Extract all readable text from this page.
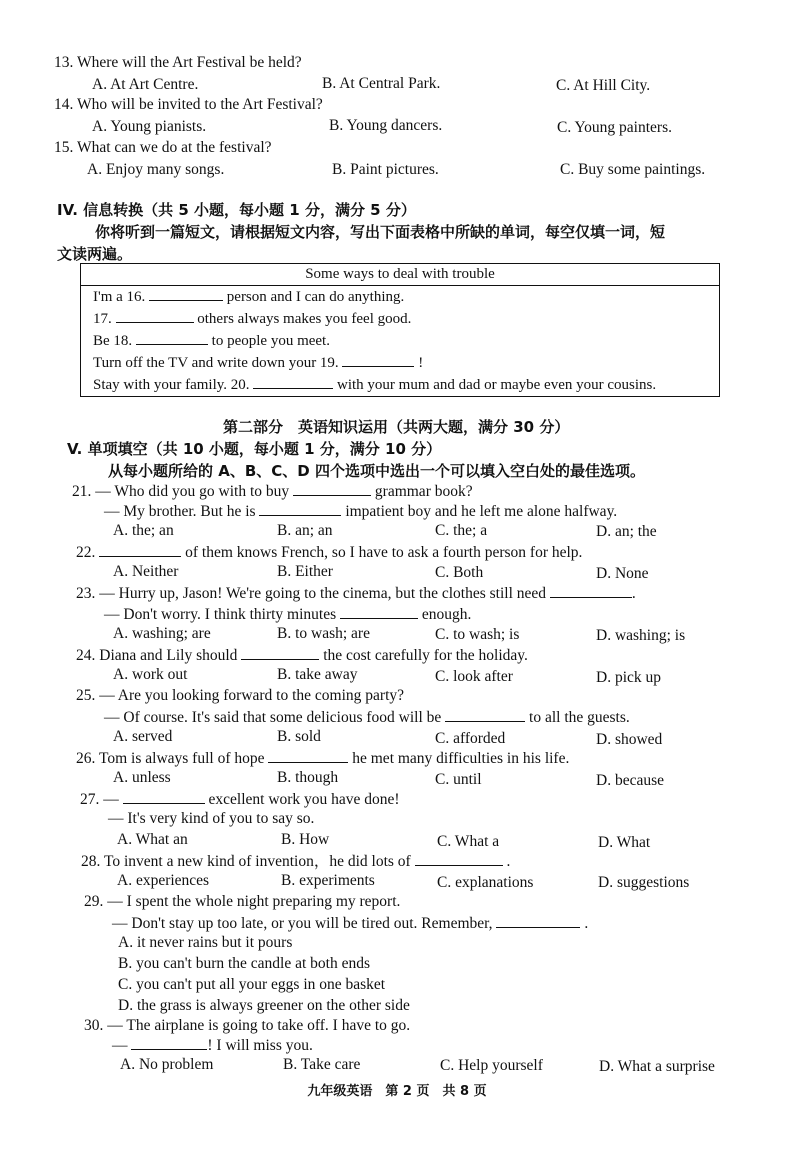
13. Where will the Art Festival be held?
A. At Art Centre.	B. At Central Park.	C. At Hill City.
14. Who will be invited to the Art Festival?
A. Young pianists.	B. Young dancers.	C. Young painters.
15. What can we do at the festival?
A. Enjoy many songs.	B. Paint pictures.	C. Buy some paintings.
IV. 信息转换（共 5 小题，每小题 1 分，满分 5 分）
你将听到一篇短文，请根据短文内容，写出下面表格中所缺的单词，每空仅填一词，短
文读两遍。
Some ways to deal with trouble
I'm a 16.	person and I can do anything.
17.	others always makes you feel good.
Be 18.	to people you meet.
Turn off the TV and write down your 19.	!
Stay with your family. 20.	with your mum and dad or maybe even your cousins.
第二部分　英语知识运用（共两大题，满分 30 分）
V. 单项填空（共 10 小题，每小题 1 分，满分 10 分）
从每小题所给的 A、B、C、D 四个选项中选出一个可以填入空白处的最佳选项。
21. — Who did you go with to buy	grammar book?
— My brother. But he is	impatient boy and he left me alone halfway.
A. the; an	B. an; an	C. the; a	D. an; the
22.	of them knows French, so I have to ask a fourth person for help.
A. Neither	B. Either	C. Both	D. None
23. — Hurry up, Jason! We're going to the cinema, but the clothes still need	.
— Don't worry. I think thirty minutes	enough.
A. washing; are	B. to wash; are	C. to wash; is	D. washing; is
24. Diana and Lily should	the cost carefully for the holiday.
A. work out	B. take away	C. look after	D. pick up
25. — Are you looking forward to the coming party?
— Of course. It's said that some delicious food will be	to all the guests.
A. served	B. sold	C. afforded	D. showed
26. Tom is always full of hope	he met many difficulties in his life.
A. unless	B. though	C. until	D. because
27. —	excellent work you have done!
— It's very kind of you to say so.
A. What an	B. How	C. What a	D. What
28. To invent a new kind of invention，he did lots of	.
A. experiences	B. experiments	C. explanations	D. suggestions
29. — I spent the whole night preparing my report.
— Don't stay up too late, or you will be tired out. Remember,	.
A. it never rains but it pours
B. you can't burn the candle at both ends
C. you can't put all your eggs in one basket
D. the grass is always greener on the other side
30. — The airplane is going to take off. I have to go.
—	! I will miss you.
A. No problem	B. Take care	C. Help yourself	D. What a surprise
九年级英语　第 2 页　共 8 页
